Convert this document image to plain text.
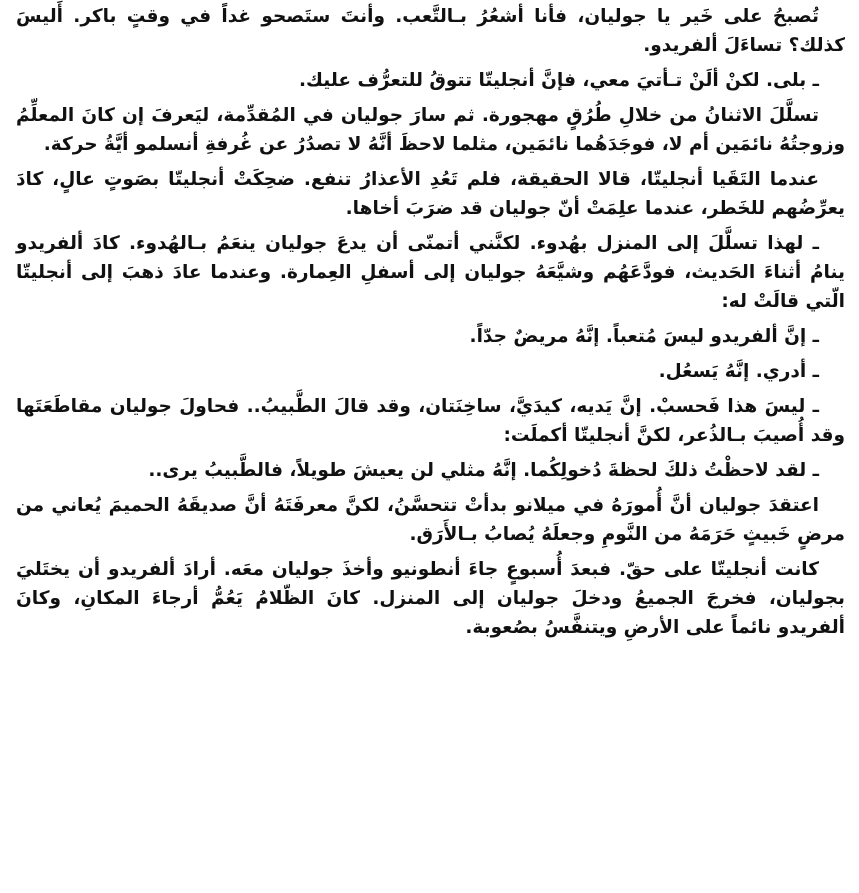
تُصبحُ على خَير يا جوليان، فأنا أشعُرُ بـالتَّعب. وأنتَ ستَصحو غداً في وقتٍ باكر. أَليسَ كذلك؟ تساءَلَ ألفريدو.

ـ بلى. لكنْ ألَنْ تـأتيَ معي، فإنَّ أنجليتّا تتوقُ للتعرُّف عليك.

تسلَّلَ الاثنانُ من خلالِ طُرُقٍ مهجورة. ثم سارَ جوليان في المُقدِّمة، ليَعرفَ إن كانَ المعلِّمُ وزوجتُهُ نائمَين أم لا، فوجَدَهُما نائمَين، مثلما لاحظَ أنَّهُ لا تصدُرُ عن غُرفةِ أنسلمو أيَّةُ حركة.

عندما التَقَيا أنجليتّا، قالا الحقيقة، فلم تَعُدِ الأعذارُ تنفع. ضحِكَتْ أنجليتّا بصَوتٍ عالٍ، كادَ يعرِّضُهم للخَطر، عندما علِمَتْ أنّ جوليان قد ضرَبَ أخاها.

ـ لهذا تسلَّلَ إلى المنزل بهُدوء. لكنَّني أتمنّى أن يدعَ جوليان ينعَمُ بـالهُدوء. كادَ ألفريدو ينامُ أثناءَ الحَديث، فودَّعَهُم وشيَّعَهُ جوليان إلى أسفلِ العِمارة. وعندما عادَ ذهبَ إلى أنجليتّا الّتي قالَتْ له:

ـ إنَّ ألفريدو ليسَ مُتعباً. إنَّهُ مريضٌ جدّاً.

ـ أدري. إنَّهُ يَسعُل.

ـ ليسَ هذا فَحسبْ. إنَّ يَديه، كيدَيَّ، ساخِنَتان، وقد قالَ الطَّبيبُ.. فحاولَ جوليان مقاطَعَتَها وقد أُصيبَ بـالذُعر، لكنَّ أنجليتّا أكملَت:

ـ لقد لاحظْتُ ذلكَ لحظةَ دُخولِكُما. إنَّهُ مثلي لن يعيشَ طويلاً، فالطَّبيبُ يرى..

اعتقدَ جوليان أنَّ أُمورَهُ في ميلانو بدأتْ تتحسَّنُ، لكنَّ معرفَتَهُ أنَّ صديقَهُ الحميمَ يُعاني من مرضٍ خَبيثٍ حَرَمَهُ من النَّومِ وجعلَهُ يُصابُ بـالأَرَق.

كانت أنجليتّا على حقّ. فبعدَ أُسبوعٍ جاءَ أنطونيو وأخذَ جوليان معَه. أرادَ ألفريدو أن يختَليَ بجوليان، فخرجَ الجميعُ ودخلَ جوليان إلى المنزل. كانَ الظّلامُ يَعُمُّ أرجاءَ المكانِ، وكانَ ألفريدو نائماً على الأرضِ ويتنفَّسُ بصُعوبة.
